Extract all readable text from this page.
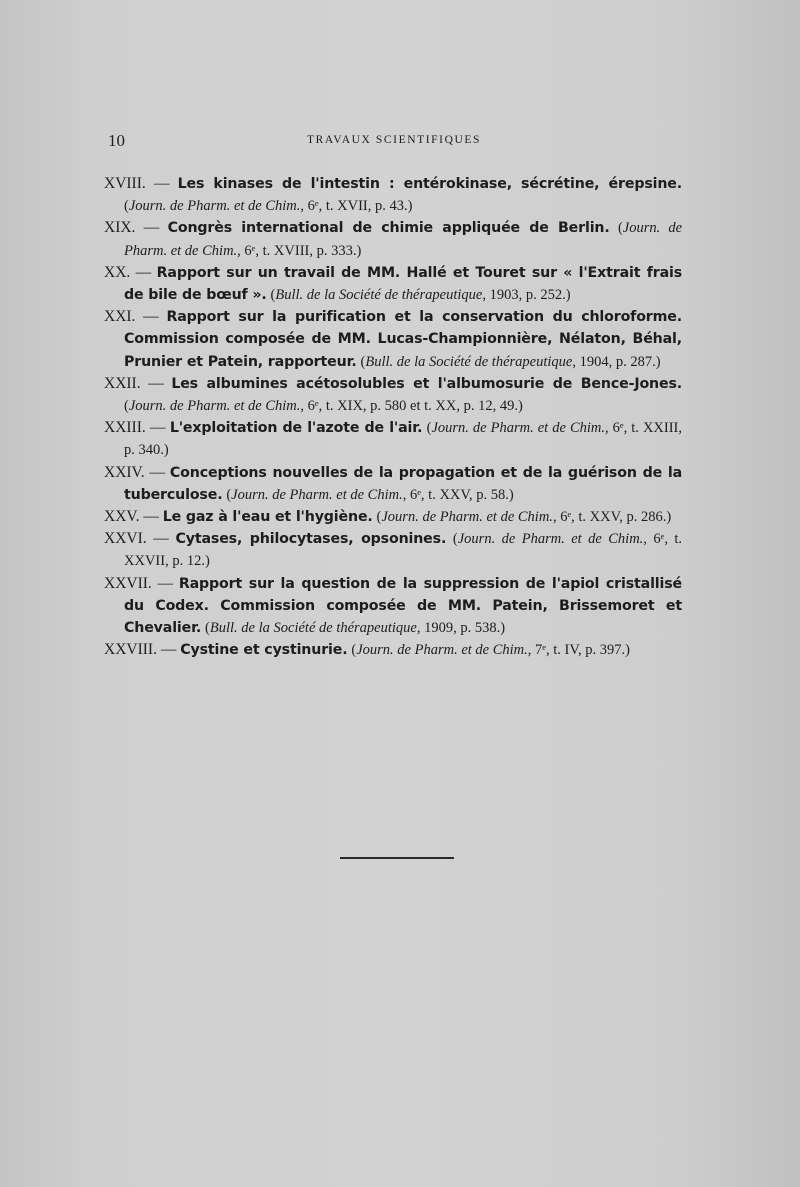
10	TRAVAUX SCIENTIFIQUES

XVIII. — Les kinases de l'intestin : entérokinase, sécrétine, érepsine. (Journ. de Pharm. et de Chim., 6ᵉ, t. XVII, p. 43.)

XIX. — Congrès international de chimie appliquée de Berlin. (Journ. de Pharm. et de Chim., 6ᵉ, t. XVIII, p. 333.)

XX. — Rapport sur un travail de MM. Hallé et Touret sur « l'Extrait frais de bile de bœuf ». (Bull. de la Société de thérapeutique, 1903, p. 252.)

XXI. — Rapport sur la purification et la conservation du chloroforme. Commission composée de MM. Lucas-Championnière, Nélaton, Béhal, Prunier et Patein, rapporteur. (Bull. de la Société de thérapeutique, 1904, p. 287.)

XXII. — Les albumines acétosolubles et l'albumosurie de Bence-Jones. (Journ. de Pharm. et de Chim., 6ᵉ, t. XIX, p. 580 et t. XX, p. 12, 49.)

XXIII. — L'exploitation de l'azote de l'air. (Journ. de Pharm. et de Chim., 6ᵉ, t. XXIII, p. 340.)

XXIV. — Conceptions nouvelles de la propagation et de la guérison de la tuberculose. (Journ. de Pharm. et de Chim., 6ᵉ, t. XXV, p. 58.)

XXV. — Le gaz à l'eau et l'hygiène. (Journ. de Pharm. et de Chim., 6ᵉ, t. XXV, p. 286.)

XXVI. — Cytases, philocytases, opsonines. (Journ. de Pharm. et de Chim., 6ᵉ, t. XXVII, p. 12.)

XXVII. — Rapport sur la question de la suppression de l'apiol cristallisé du Codex. Commission composée de MM. Patein, Brissemoret et Chevalier. (Bull. de la Société de thérapeutique, 1909, p. 538.)

XXVIII. — Cystine et cystinurie. (Journ. de Pharm. et de Chim., 7ᵉ, t. IV, p. 397.)
